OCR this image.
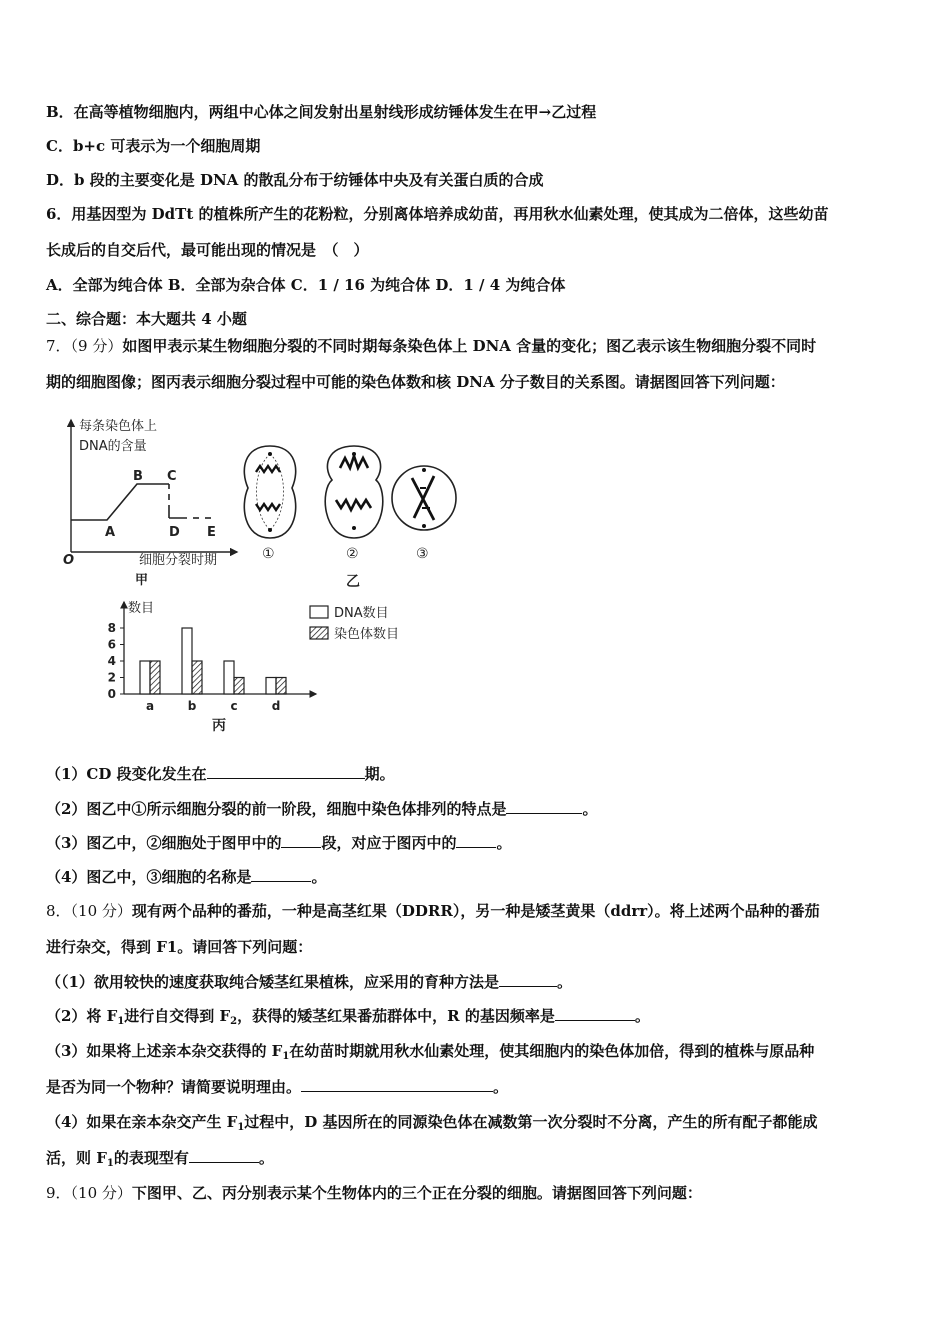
B．在高等植物细胞内，两组中心体之间发射出星射线形成纺锤体发生在甲→乙过程
C．b+c 可表示为一个细胞周期
D．b 段的主要变化是 DNA 的散乱分布于纺锤体中央及有关蛋白质的合成
6．用基因型为 DdTt 的植株所产生的花粉粒，分别离体培养成幼苗，再用秋水仙素处理，使其成为二倍体，这些幼苗
长成后的自交后代，最可能出现的情况是　（　）
A．全部为纯合体 B．全部为杂合体 C．1 / 16 为纯合体 D．1 / 4 为纯合体
二、综合题：本大题共 4 小题
7．（9 分）如图甲表示某生物细胞分裂的不同时期每条染色体上 DNA 含量的变化；图乙表示该生物细胞分裂不同时
期的细胞图像；图丙表示细胞分裂过程中可能的染色体数和核 DNA 分子数目的关系图。请据图回答下列问题：
每条染色体上
DNA的含量
A
B C
D E
O	细胞分裂时期
甲
①	②	③
乙
数目
0
2
4
6
8
a	b	c	d
DNA数目
染色体数目
丙
（1）CD 段变化发生在	期。
（2）图乙中①所示细胞分裂的前一阶段，细胞中染色体排列的特点是	。
（3）图乙中，②细胞处于图甲中的	段，对应于图丙中的	。
（4）图乙中，③细胞的名称是	。
8．（10 分）现有两个品种的番茄，一种是高茎红果（DDRR），另一种是矮茎黄果（ddrr）。将上述两个品种的番茄
进行杂交，得到 F1。请回答下列问题：
（（1）欲用较快的速度获取纯合矮茎红果植株，应采用的育种方法是	。
（2）将 $F_1$进行自交得到 $F_2$，获得的矮茎红果番茄群体中，R 的基因频率是	。
（3）如果将上述亲本杂交获得的 $F_1$在幼苗时期就用秋水仙素处理，使其细胞内的染色体加倍，得到的植株与原品种
是否为同一个物种？请简要说明理由。	。
（4）如果在亲本杂交产生 $F_1$过程中，D 基因所在的同源染色体在减数第一次分裂时不分离，产生的所有配子都能成
活，则 $F_1$的表现型有	。
9．（10 分）下图甲、乙、丙分别表示某个生物体内的三个正在分裂的细胞。请据图回答下列问题：
